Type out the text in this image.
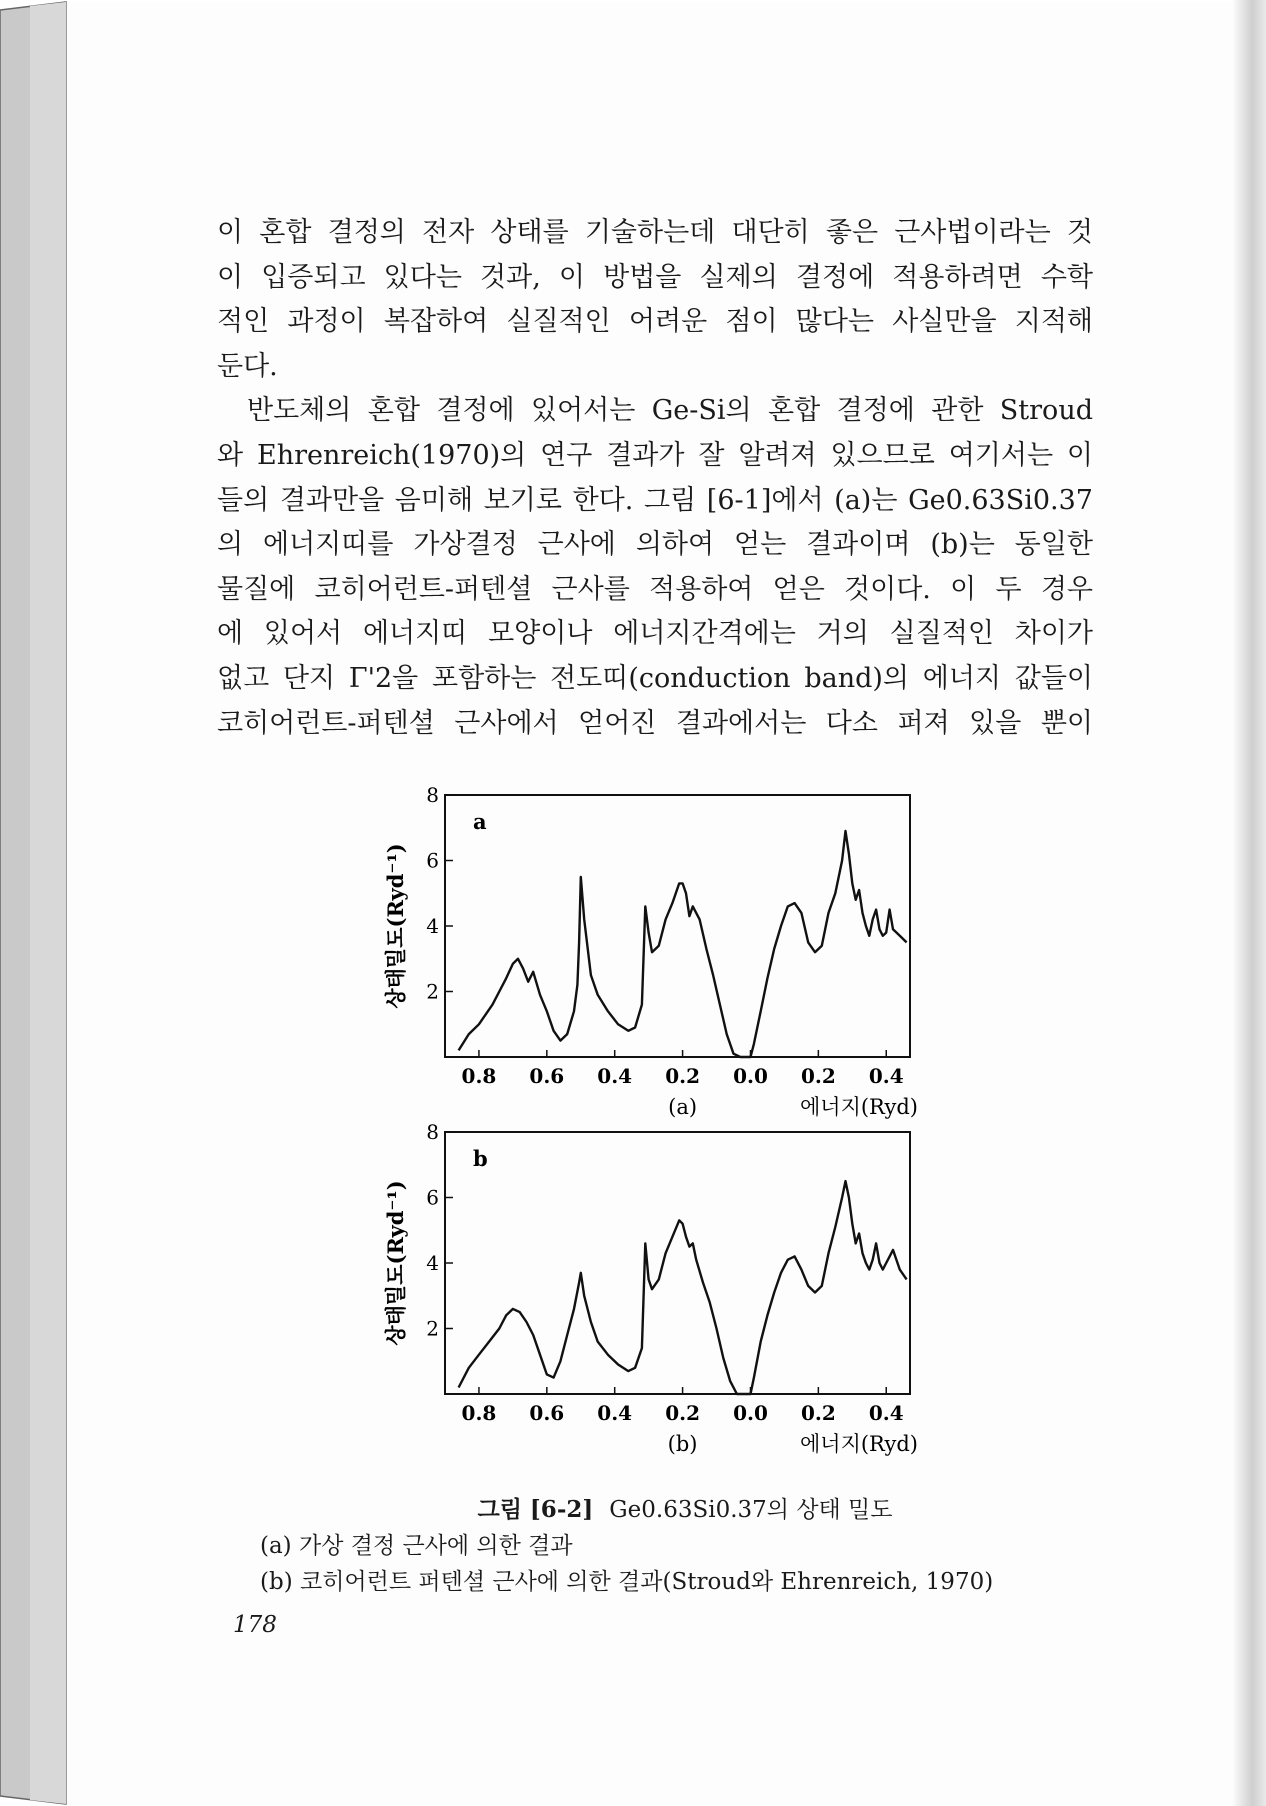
이 혼합 결정의 전자 상태를 기술하는데 대단히 좋은 근사법이라는 것
이 입증되고 있다는 것과, 이 방법을 실제의 결정에 적용하려면 수학
적인 과정이 복잡하여 실질적인 어려운 점이 많다는 사실만을 지적해
둔다.

반도체의 혼합 결정에 있어서는 Ge-Si의 혼합 결정에 관한 Stroud
와 Ehrenreich(1970)의 연구 결과가 잘 알려져 있으므로 여기서는 이
들의 결과만을 음미해 보기로 한다. 그림 [6-1]에서 (a)는 Ge0.63Si0.37
의 에너지띠를 가상결정 근사에 의하여 얻는 결과이며 (b)는 동일한
물질에 코히어런트-퍼텐셜 근사를 적용하여 얻은 것이다. 이 두 경우
에 있어서 에너지띠 모양이나 에너지간격에는 거의 실질적인 차이가
없고 단지 Γ'2을 포함하는 전도띠(conduction band)의 에너지 값들이
코히어런트-퍼텐셜 근사에서 얻어진 결과에서는 다소 퍼져 있을 뿐이

2
4
6
8
0.8 0.6 0.4 0.2 0.0 0.2 0.4
a
(a)	에너지(Ryd)
상태밀도(Ryd⁻¹)
2
4
6
8
0.8 0.6 0.4 0.2 0.0 0.2 0.4
b
(b)	에너지(Ryd)
상태밀도(Ryd⁻¹)
그림 [6-2] Ge0.63Si0.37의 상태 밀도
(a) 가상 결정 근사에 의한 결과
(b) 코히어런트 퍼텐셜 근사에 의한 결과(Stroud와 Ehrenreich, 1970)
178
